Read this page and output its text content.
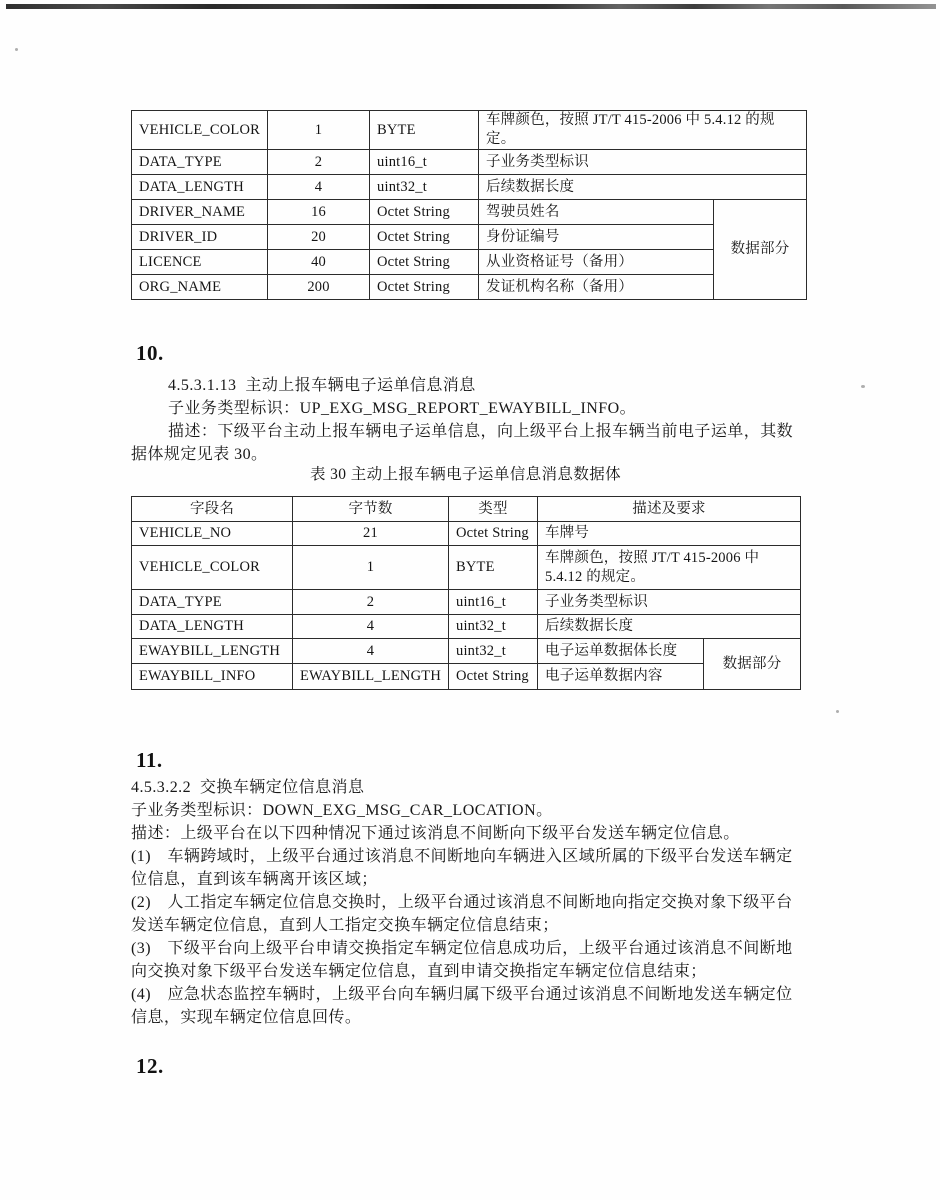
VEHICLE_COLOR	1	BYTE	车牌颜色，按照 JT/T 415-2006 中 5.4.12 的规定。	
DATA_TYPE	2	uint16_t	子业务类型标识	
DATA_LENGTH	4	uint32_t	后续数据长度	
DRIVER_NAME	16	Octet String	驾驶员姓名	数据部分
DRIVER_ID	20	Octet String	身份证编号	
LICENCE	40	Octet String	从业资格证号（备用）	
ORG_NAME	200	Octet String	发证机构名称（备用）	
10.
4.5.3.1.13  主动上报车辆电子运单信息消息
子业务类型标识：UP_EXG_MSG_REPORT_EWAYBILL_INFO。
描述：下级平台主动上报车辆电子运单信息，向上级平台上报车辆当前电子运单，其数
据体规定见表 30。
表 30 主动上报车辆电子运单信息消息数据体
字段名	字节数	类型	描述及要求	
VEHICLE_NO	21	Octet String	车牌号	
VEHICLE_COLOR	1	BYTE	车牌颜色，按照 JT/T 415-2006 中 5.4.12 的规定。	
DATA_TYPE	2	uint16_t	子业务类型标识	
DATA_LENGTH	4	uint32_t	后续数据长度	
EWAYBILL_LENGTH	4	uint32_t	电子运单数据体长度	数据部分
EWAYBILL_INFO	EWAYBILL_LENGTH	Octet String	电子运单数据内容	
11.
4.5.3.2.2  交换车辆定位信息消息
子业务类型标识：DOWN_EXG_MSG_CAR_LOCATION。
描述：上级平台在以下四种情况下通过该消息不间断向下级平台发送车辆定位信息。
(1)　车辆跨域时，上级平台通过该消息不间断地向车辆进入区域所属的下级平台发送车辆定
位信息，直到该车辆离开该区域；
(2)　人工指定车辆定位信息交换时，上级平台通过该消息不间断地向指定交换对象下级平台
发送车辆定位信息，直到人工指定交换车辆定位信息结束；
(3)　下级平台向上级平台申请交换指定车辆定位信息成功后，上级平台通过该消息不间断地
向交换对象下级平台发送车辆定位信息，直到申请交换指定车辆定位信息结束；
(4)　应急状态监控车辆时，上级平台向车辆归属下级平台通过该消息不间断地发送车辆定位
信息，实现车辆定位信息回传。
12.
